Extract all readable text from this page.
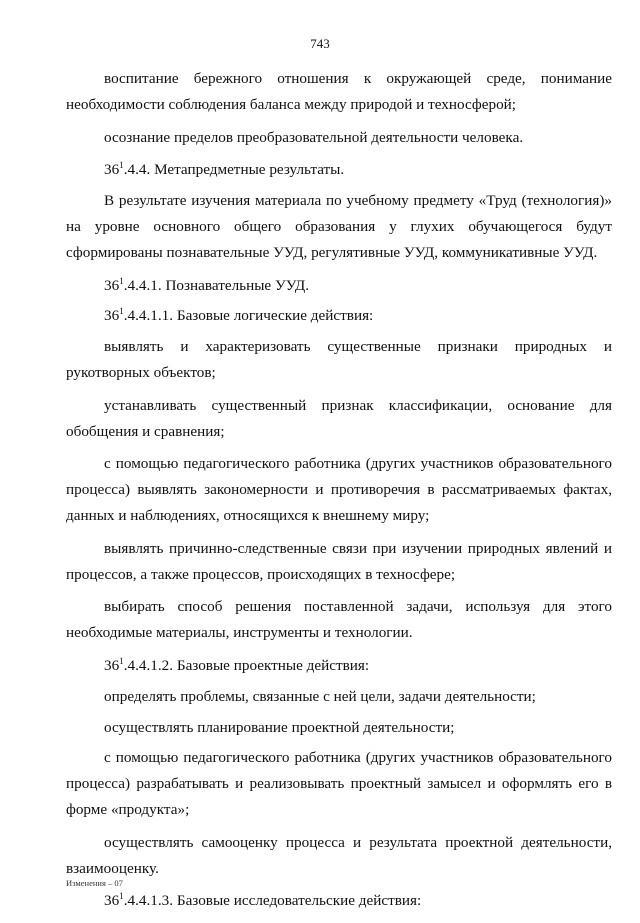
743

воспитание бережного отношения к окружающей среде, понимание необходимости соблюдения баланса между природой и техносферой;

осознание пределов преобразовательной деятельности человека.

$36^1.4.4$. Метапредметные результаты.

В результате изучения материала по учебному предмету «Труд (технология)» на уровне основного общего образования у глухих обучающегося будут сформированы познавательные УУД, регулятивные УУД, коммуникативные УУД.

$36^1.4.4.1$. Познавательные УУД.

$36^1.4.4.1.1$. Базовые логические действия:

выявлять и характеризовать существенные признаки природных и рукотворных объектов;

устанавливать существенный признак классификации, основание для обобщения и сравнения;

с помощью педагогического работника (других участников образовательного процесса) выявлять закономерности и противоречия в рассматриваемых фактах, данных и наблюдениях, относящихся к внешнему миру;

выявлять причинно-следственные связи при изучении природных явлений и процессов, а также процессов, происходящих в техносфере;

выбирать способ решения поставленной задачи, используя для этого необходимые материалы, инструменты и технологии.

$36^1.4.4.1.2$. Базовые проектные действия:

определять проблемы, связанные с ней цели, задачи деятельности;

осуществлять планирование проектной деятельности;

с помощью педагогического работника (других участников образовательного процесса) разрабатывать и реализовывать проектный замысел и оформлять его в форме «продукта»;

осуществлять самооценку процесса и результата проектной деятельности, взаимооценку.

$36^1.4.4.1.3$. Базовые исследовательские действия:

Изменения – 07
